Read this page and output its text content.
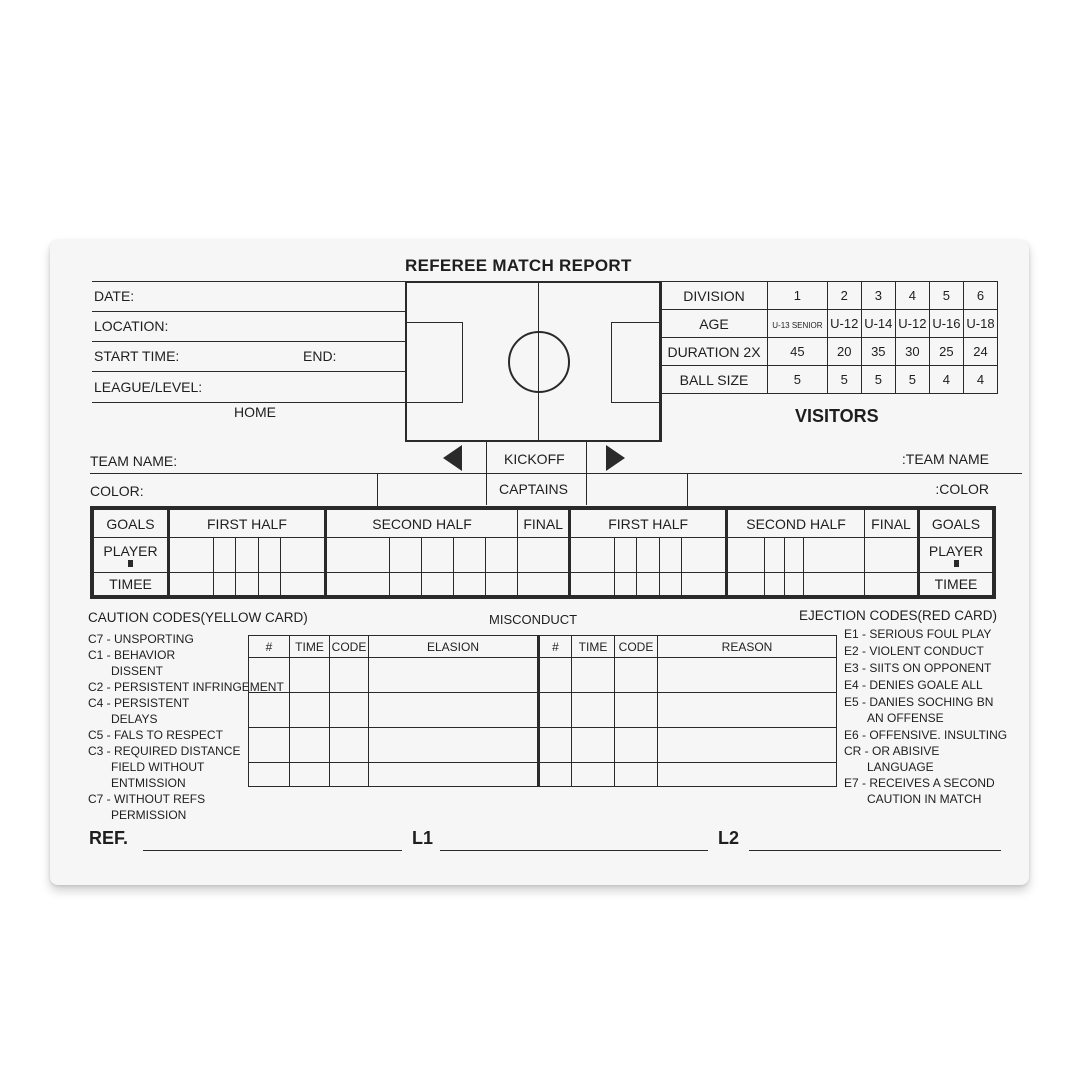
REFEREE MATCH REPORT
DATE:
LOCATION:
START TIME:	END:
LEAGUE/LEVEL:
HOME
DIVISION	1	2	3	4	5	6
AGE	U-13 SENIOR	U-12	U-14	U-12	U-16	U-18
DURATION 2X	45	20	35	30	25	24
BALL SIZE	5	5	5	5	4	4
VISITORS
KICKOFF
CAPTAINS
TEAM NAME:
COLOR:
:TEAM NAME
:COLOR
GOALS	FIRST HALF					SECOND HALF					FINAL	FIRST HALF					SECOND HALF				FINAL	GOALS
PLAYER																						PLAYER

TIMEE																						TIMEE
CAUTION CODES(YELLOW CARD)	MISCONDUCT	EJECTION CODES(RED CARD)
C7 - UNSPORTING
C1 - BEHAVIOR
DISSENT
C2 - PERSISTENT INFRINGEMENT
C4 - PERSISTENT
DELAYS
C5 - FALS TO RESPECT
C3 - REQUIRED DISTANCE
FIELD WITHOUT
ENTMISSION
C7 - WITHOUT REFS
PERMISSION
#	TIME	CODE	ELASION	#	TIME	CODE	REASON

E1 - SERIOUS FOUL PLAY
E2 - VIOLENT CONDUCT
E3 - SIITS ON OPPONENT
E4 - DENIES GOALE ALL
E5 - DANIES SOCHING BN
AN OFFENSE
E6 - OFFENSIVE. INSULTING
CR - OR ABISIVE
LANGUAGE
E7 - RECEIVES A SECOND
CAUTION IN MATCH
REF.	L1	L2
